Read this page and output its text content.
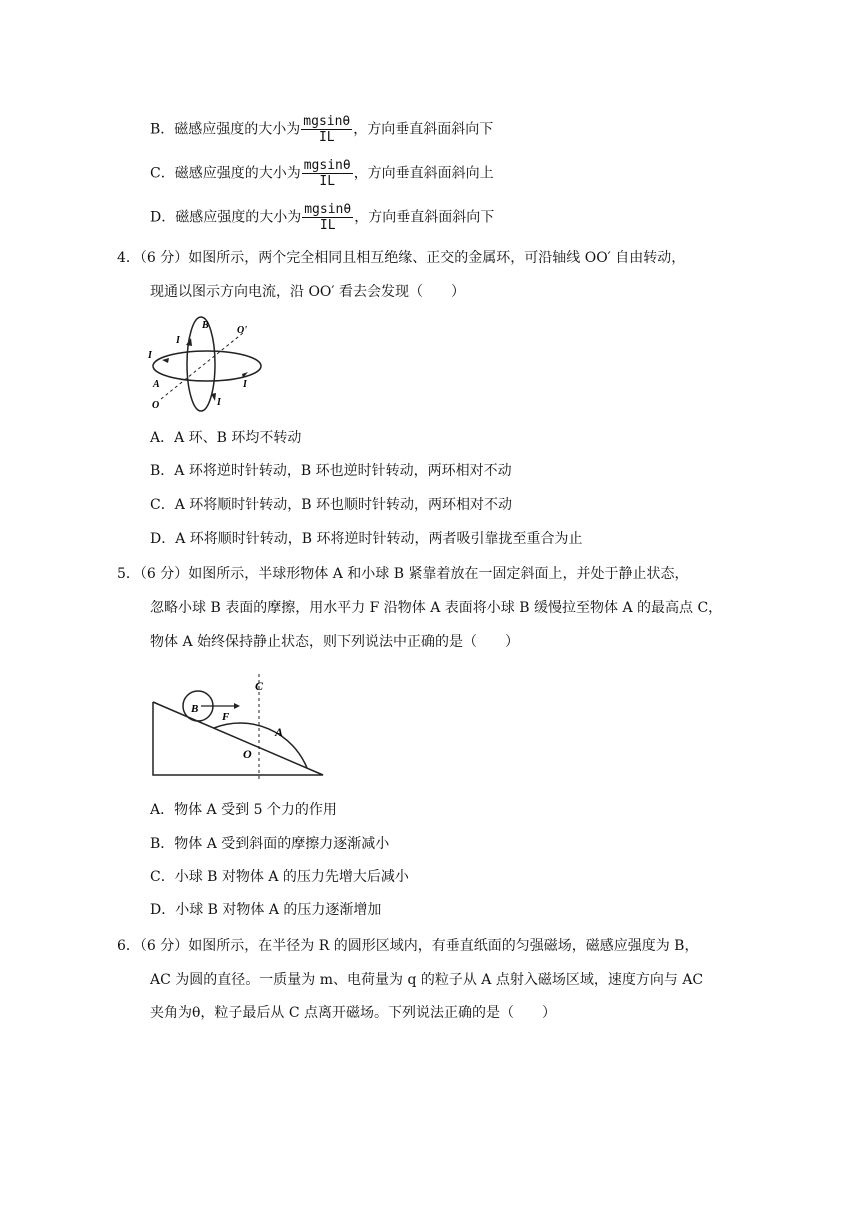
B．磁感应强度的大小为 $\frac{mgsin\theta}{IL}$ ，方向垂直斜面斜向下
C．磁感应强度的大小为 $\frac{mgsin\theta}{IL}$ ，方向垂直斜面斜向上
D．磁感应强度的大小为 $\frac{mgsin\theta}{IL}$ ，方向垂直斜面斜向下
4．（6 分）如图所示，两个完全相同且相互绝缘、正交的金属环，可沿轴线 OO′ 自由转动，
现通以图示方向电流，沿 OO′ 看去会发现（　　）
B	O'
I
I
I
A
O	I
A．A 环、B 环均不转动
B．A 环将逆时针转动，B 环也逆时针转动，两环相对不动
C．A 环将顺时针转动，B 环也顺时针转动，两环相对不动
D．A 环将顺时针转动，B 环将逆时针转动，两者吸引靠拢至重合为止
5．（6 分）如图所示，半球形物体 A 和小球 B 紧靠着放在一固定斜面上，并处于静止状态，
忽略小球 B 表面的摩擦，用水平力 F 沿物体 A 表面将小球 B 缓慢拉至物体 A 的最高点 C，
物体 A 始终保持静止状态，则下列说法中正确的是（　　）
C
B
F
A
O
A．物体 A 受到 5 个力的作用
B．物体 A 受到斜面的摩擦力逐渐减小
C．小球 B 对物体 A 的压力先增大后减小
D．小球 B 对物体 A 的压力逐渐增加
6．（6 分）如图所示，在半径为 R 的圆形区域内，有垂直纸面的匀强磁场，磁感应强度为 B，
AC 为圆的直径。一质量为 m、电荷量为 q 的粒子从 A 点射入磁场区域，速度方向与 AC
夹角为θ，粒子最后从 C 点离开磁场。下列说法正确的是（　　）
